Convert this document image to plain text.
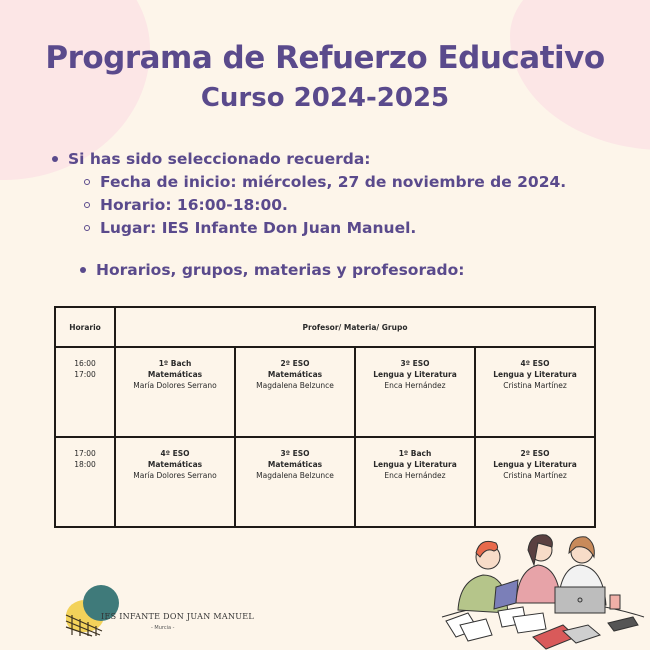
Programa de Refuerzo Educativo
Curso 2024-2025
Si has sido seleccionado recuerda:
Fecha de inicio: miércoles, 27 de noviembre de 2024.
Horario: 16:00-18:00.
Lugar: IES Infante Don Juan Manuel.
Horarios, grupos, materias y profesorado:
Horario	Profesor/ Materia/ Grupo			

16:00
17:00	1º Bach
Matemáticas
María Dolores Serrano	2º ESO
Matemáticas
Magdalena Belzunce	3º ESO
Lengua y Literatura
Enca Hernández	4º ESO
Lengua y Literatura
Cristina Martínez

17:00
18:00	4º ESO
Matemáticas
María Dolores Serrano	3º ESO
Matemáticas
Magdalena Belzunce	1º Bach
Lengua y Literatura
Enca Hernández	2º ESO
Lengua y Literatura
Cristina Martínez
IES INFANTE DON JUAN MANUEL
- Murcia -
